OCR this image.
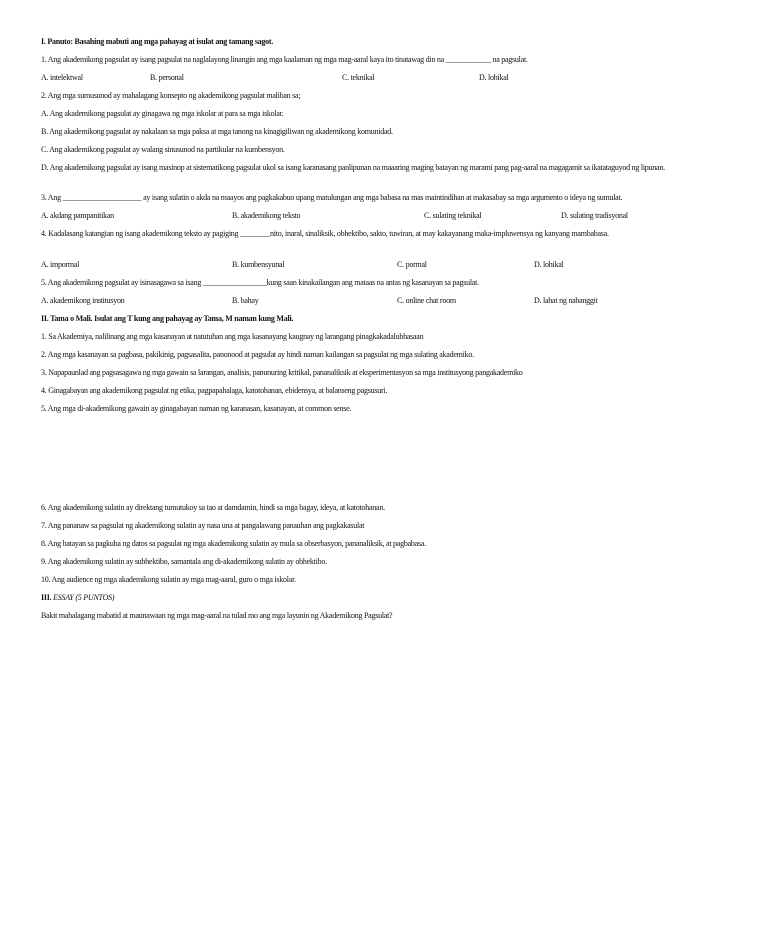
I. Panuto: Basahing mabuti ang mga pahayag at isulat ang tamang sagot.
1. Ang akademikong pagsulat ay isang pagsulat na naglalayong linangin ang mga kaalaman ng mga mag-aaral kaya ito tinatawag din na ____________ na pagsulat.
A. intelektwal	B. personal	C. teknikal	D. lohikal
2. Ang mga sumusunod ay mahalagang konsepto ng akademikong pagsulat maliban sa;
A. Ang akademikong pagsulat ay ginagawa ng mga iskolar at para sa mga iskolar.
B. Ang akademikong pagsulat ay nakalaan sa mga paksa at mga tanong na kinagigiliwan ng akademikong komunidad.
C. Ang akademikong pagsulat ay walang sinusunod na partikular na kumbensyon.
D. Ang akademikong pagsulat ay isang masinop at sistematikong pagsulat ukol sa isang karanasang panlipunan na maaaring maging batayan ng marami pang pag-aaral na magagamit sa ikatataguyod ng lipunan.
3. Ang _____________________ ay isang sulatin o akda na maayos ang pagkakabuo upang matulungan ang mga babasa na mas maintindihan at makasabay sa mga argumento o ideya ng sumulat.
A. akdang pampanitikan	B. akademikong teksto	C. sulating teknikal	D. sulating tradisyonal
4. Kadalasang katangian ng isang akademikong teksto ay pagiging ________nito, inaral, sinaliksik, obhektibo, sakto, tuwiran, at may kakayanang maka-impluwensya ng kanyang mambabasa.
A. impormal	B. kumbensyunal	C. pormal	D. lohikal
5. Ang akademikong pagsulat ay isinasagawa sa isang _________________kung saan kinakailangan ang mataas na antas ng kasanayan sa pagsulat.
A. akademikong institusyon	B. bahay	C. online chat room	D. lahat ng nabanggit
II. Tama o Mali. Isulat ang T kung ang pahayag ay Tama, M naman kung Mali.
1. Sa Akademiya, nalilinang ang mga kasanayan at natutuhan ang mga kasanayang kaugnay ng larangang pinagkakadalubhasaan
2. Ang mga kasanayan sa pagbasa, pakikinig, pagsasalita, panonood at pagsulat ay hindi naman kailangan sa pagsulat ng mga sulating akademiko.
3. Napapaunlad ang pagsasagawa ng mga gawain sa larangan, analisis, panunuring kritikal, pananaliksik at eksperimentasyon sa mga institusyong pangakademiko
4. Ginagabayan ang akademikong pagsulat ng etika, pagpapahalaga, katotohanan, ebidensya, at balanseng pagsusuri.
5. Ang mga di-akademikong gawain ay ginagabayan naman ng karanasan, kasanayan, at common sense.
6. Ang akademikong sulatin ay direktang tumutukoy sa tao at damdamin, hindi sa mga bagay, ideya, at katotohanan.
7. Ang pananaw sa pagsulat ng akademikong sulatin ay nasa una at pangalawang panauhan ang pagkakasulat
8. Ang batayan sa pagkuha ng datos sa pagsulat ng mga akademikong sulatin ay mula sa obserbasyon, pananaliksik, at pagbabasa.
9. Ang akademikong sulatin ay subhektibo, samantala ang di-akademikong sulatin ay obhektibo.
10. Ang audience ng mga akademikong sulatin ay mga mag-aaral, guro o mga iskolar.
III. ESSAY (5 PUNTOS)
Bakit mahalagang mabatid at maunawaan ng mga mag-aaral na tulad mo ang mga layunin ng Akademikong Pagsulat?
